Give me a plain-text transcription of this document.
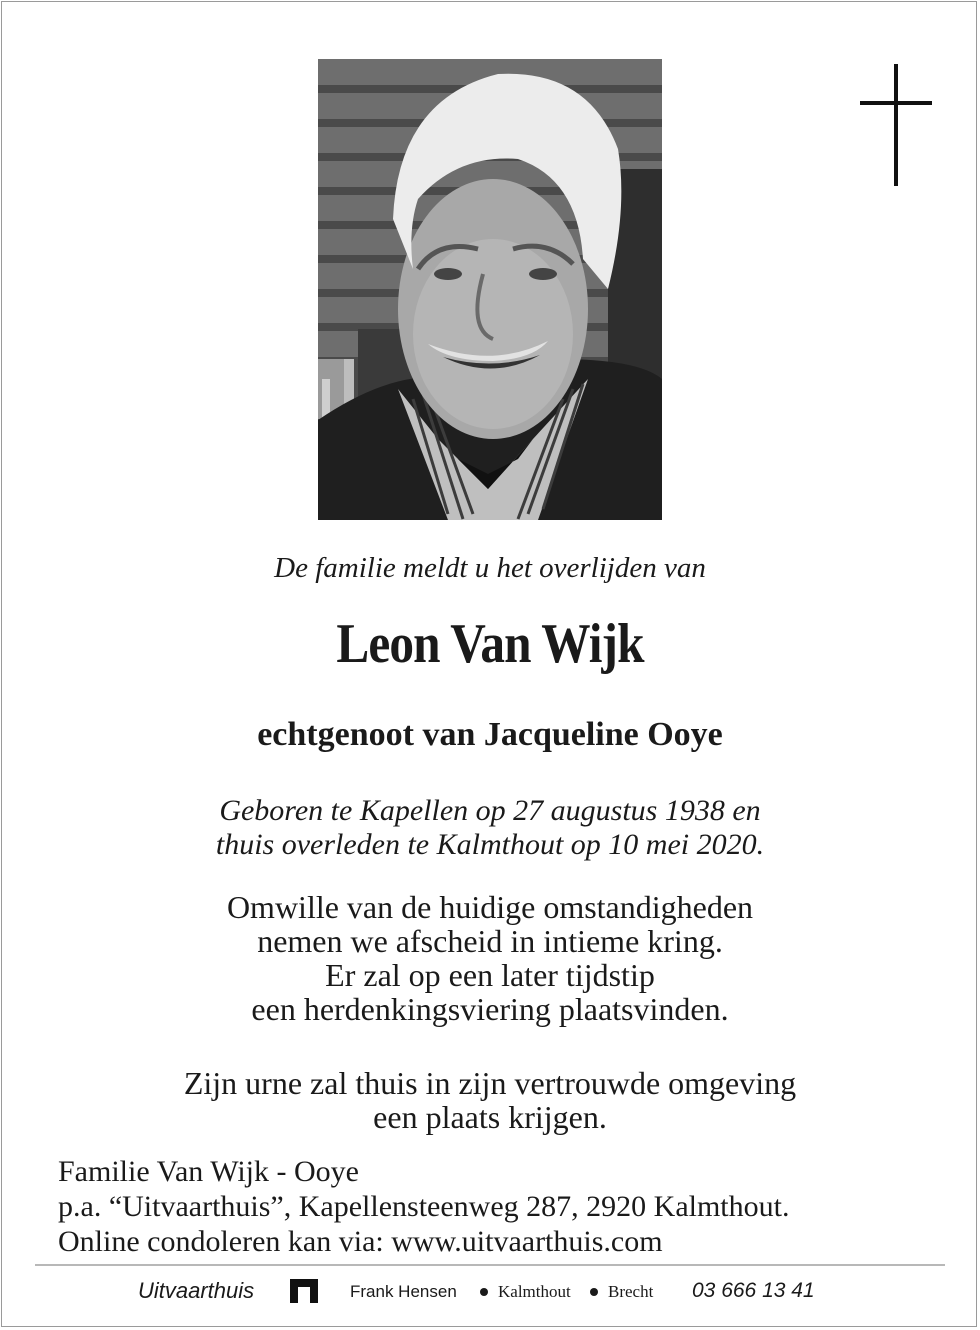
De familie meldt u het overlijden van
Leon Van Wijk
echtgenoot van Jacqueline Ooye
Geboren te Kapellen op 27 augustus 1938 en
thuis overleden te Kalmthout op 10 mei 2020.
Omwille van de huidige omstandigheden
nemen we afscheid in intieme kring.
Er zal op een later tijdstip
een herdenkingsviering plaatsvinden.
Zijn urne zal thuis in zijn vertrouwde omgeving
een plaats krijgen.
Familie Van Wijk - Ooye
p.a. “Uitvaarthuis”, Kapellensteenweg 287, 2920 Kalmthout.
Online condoleren kan via: www.uitvaarthuis.com
Uitvaarthuis	Frank Hensen Kalmthout Brecht 03 666 13 41
